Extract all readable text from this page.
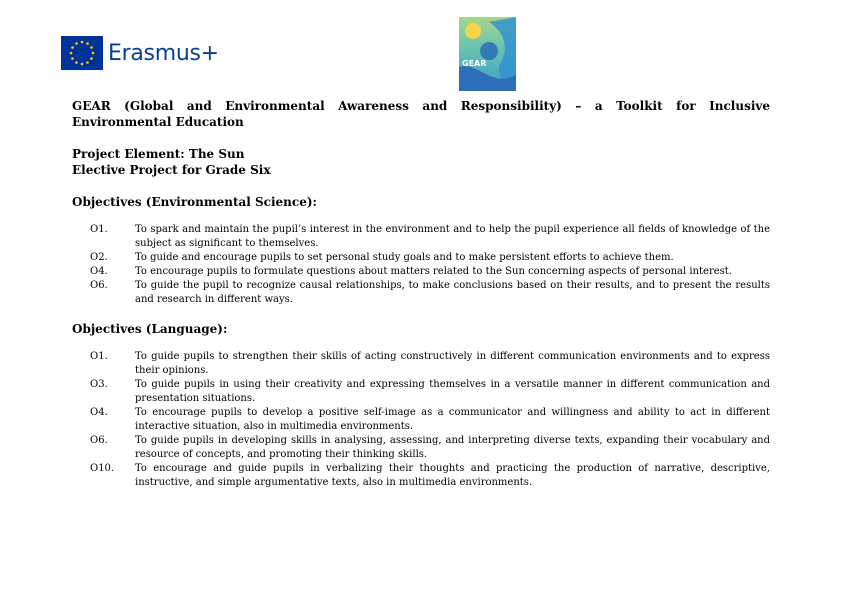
Erasmus+	GEAR

GEAR (Global and Environmental Awareness and Responsibility) – a Toolkit for Inclusive Environmental Education

Project Element: The Sun

Elective Project for Grade Six

Objectives (Environmental Science):

O1.	To spark and maintain the pupil’s interest in the environment and to help the pupil experience all fields of knowledge of the subject as significant to themselves.
O2.	To guide and encourage pupils to set personal study goals and to make persistent efforts to achieve them.
O4.	To encourage pupils to formulate questions about matters related to the Sun concerning aspects of personal interest.
O6.	To guide the pupil to recognize causal relationships, to make conclusions based on their results, and to present the results and research in different ways.

Objectives (Language):

O1.	To guide pupils to strengthen their skills of acting constructively in different communication environments and to express their opinions.
O3.	To guide pupils in using their creativity and expressing themselves in a versatile manner in different communication and presentation situations.
O4.	To encourage pupils to develop a positive self-image as a communicator and willingness and ability to act in different interactive situation, also in multimedia environments.
O6.	To guide pupils in developing skills in analysing, assessing, and interpreting diverse texts, expanding their vocabulary and resource of concepts, and promoting their thinking skills.
O10.	To encourage and guide pupils in verbalizing their thoughts and practicing the production of narrative, descriptive, instructive, and simple argumentative texts, also in multimedia environments.
